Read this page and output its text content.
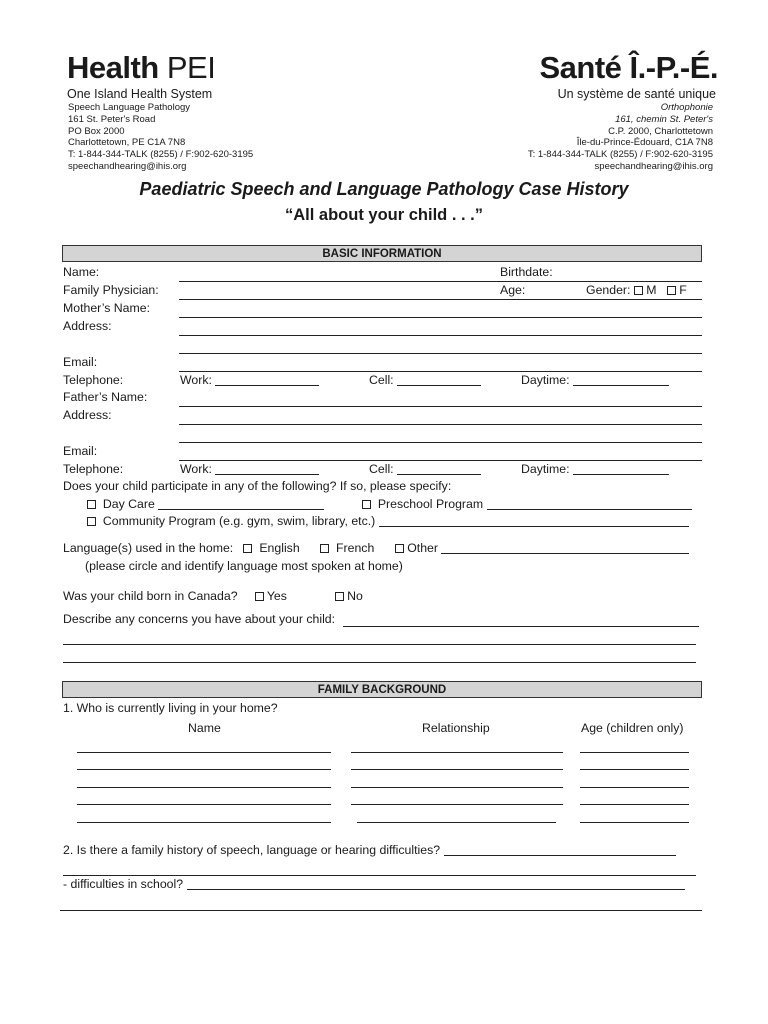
Health PEI
One Island Health System
Speech Language Pathology
161 St. Peter's Road
PO Box 2000
Charlottetown, PE C1A 7N8
T: 1-844-344-TALK (8255) / F:902-620-3195
speechandhearing@ihis.org
Santé Î.-P.-É.
Un système de santé unique
Orthophonie
161, chemin St. Peter's
C.P. 2000, Charlottetown
Île-du-Prince-Édouard, C1A 7N8
T: 1-844-344-TALK (8255) / F:902-620-3195
speechandhearing@ihis.org
Paediatric Speech and Language Pathology Case History
“All about your child . . .”
BASIC INFORMATION
Name:	Birthdate:
Family Physician:	Age:	Gender: M F
Mother’s Name:
Address:
Email:
Telephone:	Work:	Cell:	Daytime:
Father’s Name:
Address:
Email:
Telephone:	Work:	Cell:	Daytime:
Does your child participate in any of the following? If so, please specify:
Day Care	Preschool Program
Community Program (e.g. gym, swim, library, etc.)
Language(s) used in the home: English	French	Other
(please circle and identify language most spoken at home)
Was your child born in Canada? Yes	No
Describe any concerns you have about your child:
FAMILY BACKGROUND
1. Who is currently living in your home?
Name	Relationship	Age (children only)
2. Is there a family history of speech, language or hearing difficulties?
- difficulties in school?
